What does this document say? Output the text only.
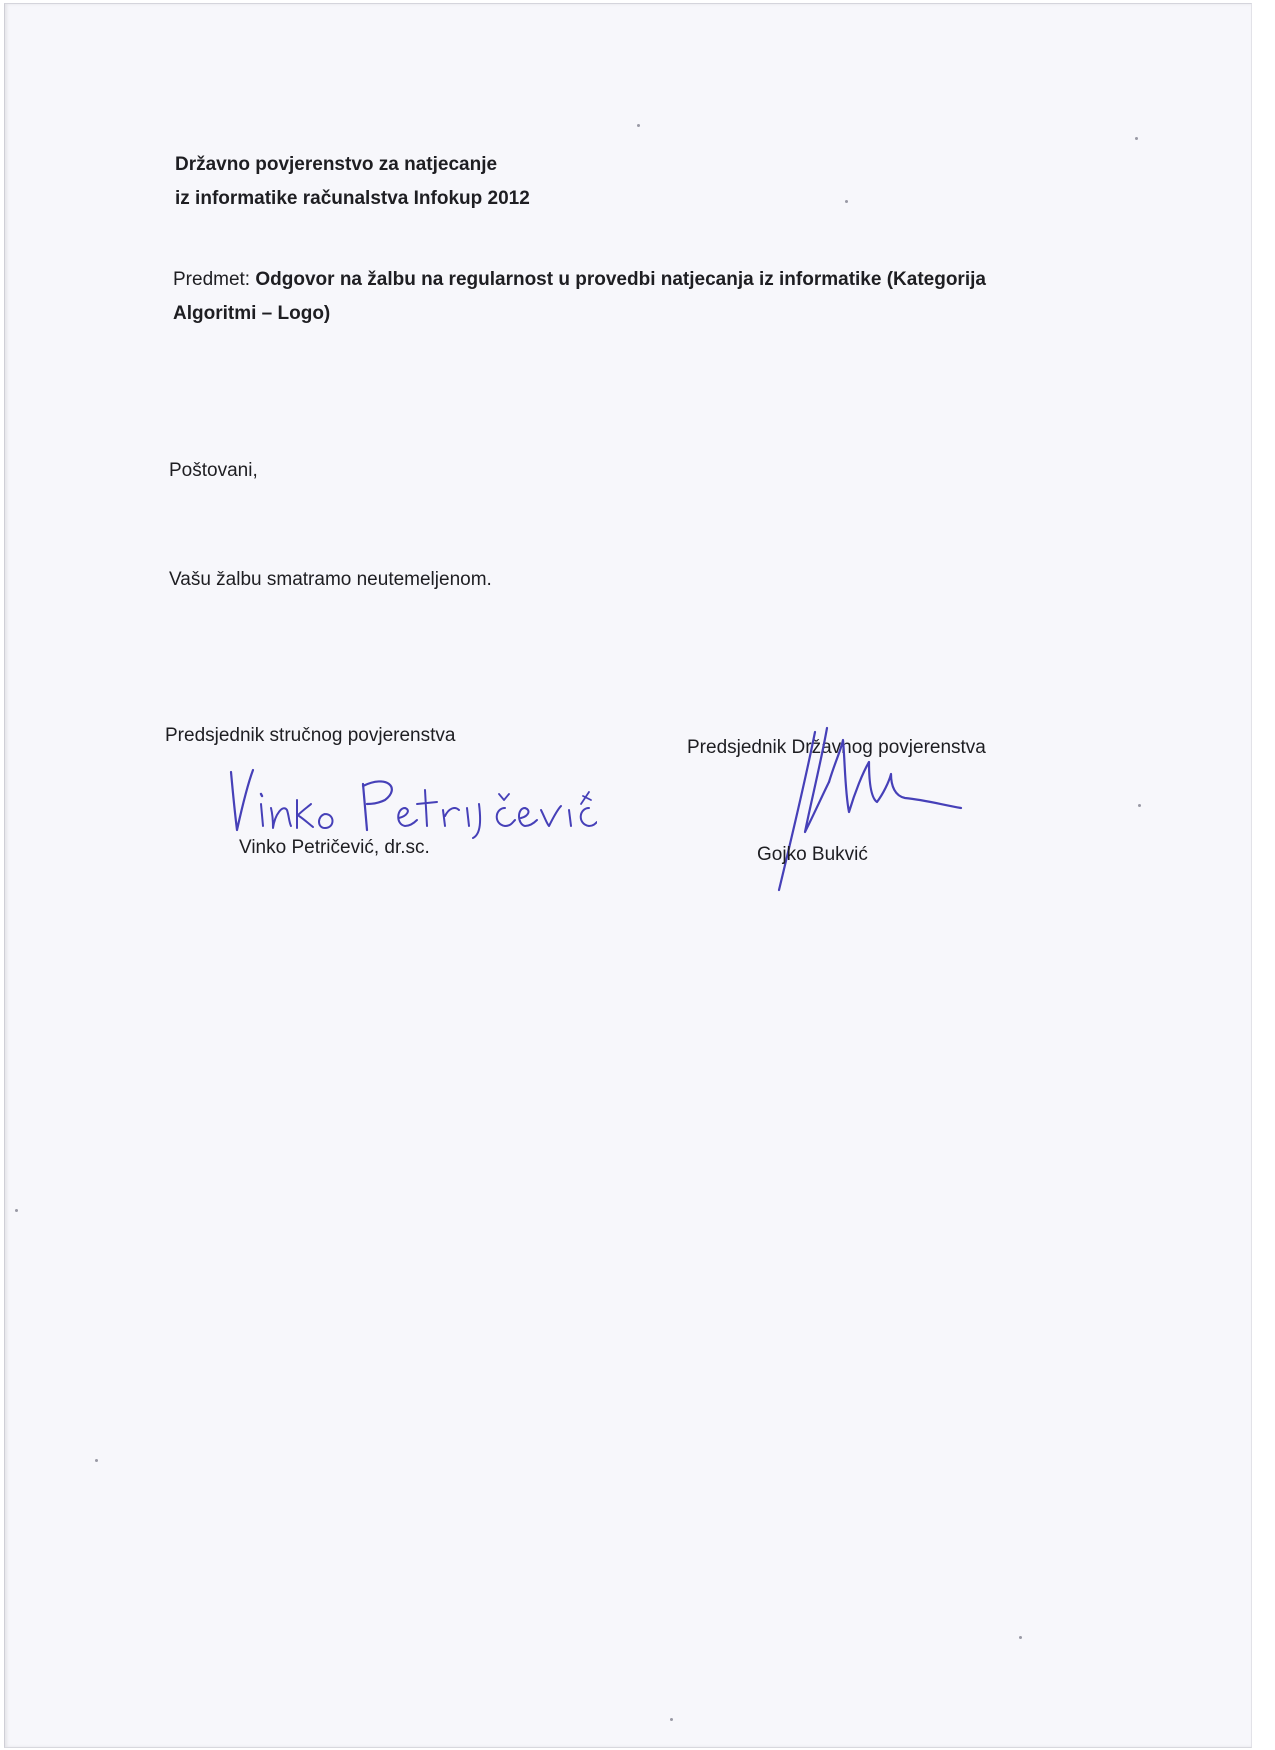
Državno povjerenstvo za natjecanje
iz informatike računalstva Infokup 2012
Predmet: Odgovor na žalbu na regularnost u provedbi natjecanja iz informatike (Kategorija
Algoritmi – Logo)
Poštovani,
Vašu žalbu smatramo neutemeljenom.
Predsjednik stručnog povjerenstva
Vinko Petričević, dr.sc.
Predsjednik Državnog povjerenstva
Gojko Bukvić
